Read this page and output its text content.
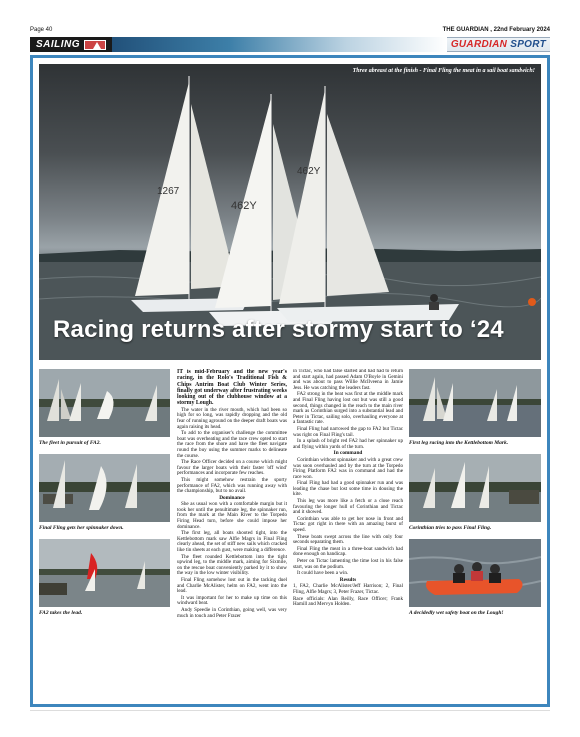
Page 40	THE GUARDIAN , 22nd February 2024
SAILING	GUARDIAN SPORT
1267
462Y
462Y
Three abreast at the finish - Final Fling the meat in a sail boat sandwich!
Racing returns after stormy start to ‘24
The fleet in pursuit of FA2.
Final Fling gets her spinnaker down.
FA2 takes the lead.

IT is mid-February and the new year's racing, in the Rolo's Traditional Fish & Chips Antrim Boat Club Winter Series, finally got underway after frustrating weeks looking out of the clubhouse window at a stormy Lough.

The water in the river mouth, which had been so high for so long, was rapidly dropping and the old fear of running aground on the deeper draft boats was again raising its head.

To add to the organiser's challenge the committee boat was overheating and the race crew opted to start the race from the shore and have the fleet navigate round the buy using the summer marks to delineate the course.

The Race Officer decided on a course which might favour the larger boats with their faster 'off wind' performances and incorporate few reaches.

This might somehow restrain the sporty performance of FA2, which was running away with the championship, but to no avail.

Dominance

She as usual won with a comfortable margin but it took her until the penultimate leg, the spinnaker run, from the mark at the Main River to the Torpedo Firing Head turn, before she could impose her dominance.

The first leg, all boats shooted tight, into the Kettlebottom mark saw Alfie Magrs in Final Fling clearly ahead, the set of stiff new sails which cracked like tin sheets at each gust, were making a difference.

The fleet rounded Kettlebottom into the tight upwind leg, to the middle mark, aiming for Sixmile, on the rescue boat conveniently parked by it to show the way in the low winter visibility.

Final Fling somehow lost out in the tacking duel and Charlie McAlister, helm on FA2, went into the lead.

It was important for her to make up time on this windward beat.

Andy Speedie in Corinthian, going well, was very much in touch and Peter Frazer

in Tictac, who had false started and had had to return and start again, had passed Adam O'Boyle in Gemini and was about to pass Willie McIlveena in Jamie Jess. He was catching the leaders fast.

FA2 strong in the beat was first at the middle mark and Final Fling having lost out but was still a good second, things changed in the reach to the main river mark as Corinthian surged into a substantial lead and Peter in Tictac, sailing solo, overhauling everyone at a fantastic rate.

Final Fling had narrowed the gap to FA2 but Tictac was right on Final Fling's tail.

In a splash of bright red FA2 had her spinnaker up and flying within yards of the turn.

In command

Corinthian without spinnaker and with a great crew was soon overhauled and by the turn at the Torpedo Firing Platform FA2 was in command and had the race won.

Final Fling had had a good spinnaker run and was leading the chase but lost some time in dousing the kite.

This leg was more like a fetch or a close reach favouring the longer hull of Corinthian and Tictac and it showed.

Corinthian was able to get her nose in front and Tictac got right in there with an amazing burst of speed.

These boats swept across the line with only four seconds separating them.

Final Fling the meat in a three-boat sandwich had done enough on handicap.

Peter on Tictac lamenting the time lost in his false start, was on the podium.

It could have been a win.

Results

1, FA2, Charlie McAlister/Jeff Harrison; 2, Final Fling, Alfie Magrs; 3, Peter Frazer, Tictac.

Race officials: Alan Reilly, Race Officer; Frank Hamill and Mervyn Holden.

First leg racing into the Kettlebottom Mark.
Corinthian tries to pass Final Fling.
A decidedly wet safety boat on the Lough!
